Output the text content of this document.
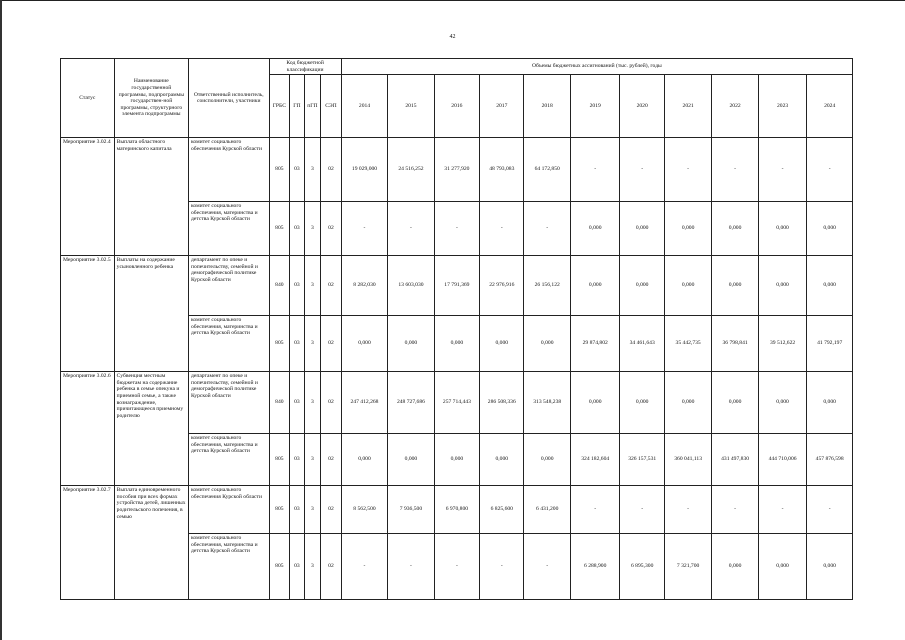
42
Статус	Наименование государственной программы, подпрограммы государствен-ной программы, структурного элемента подпрограммы	Ответственный исполнитель, соисполнители, участники	Код бюджетной классификации				Объемы бюджетных ассигнований (тыс. рублей), годы										
			ГРБС	ГП	пГП	СЭП	2014	2015	2016	2017	2018	2019	2020	2021	2022	2023	2024
Мероприятие 3.02.4	Выплата областного материнского капитала	комитет социального обеспечения Курской области	805	03	3	02	19 029,000	24 516,252	31 277,920	48 793,083	64 172,850	-	-	-	-	-	-
		комитет социального обеспечения, материнства и детства Курской области	805	03	3	02	-	-	-	-	-	0,000	0,000	0,000	0,000	0,000	0,000
Мероприятие 3.02.5	Выплаты на содержание усыновленного ребенка	департамент по опеке и попечительству, семейной и демографической политике Курской области	840	03	3	02	8 282,030	13 603,030	17 791,369	22 976,916	26 156,122	0,000	0,000	0,000	0,000	0,000	0,000
		комитет социального обеспечения, материнства и детства Курской области	805	03	3	02	0,000	0,000	0,000	0,000	0,000	29 874,802	34 461,643	35 442,735	36 798,841	39 512,622	41 792,197
Мероприятие 3.02.6	Субвенция местным бюджетам на содержание ребенка в семье опекуна и приемной семье, а также вознаграждение, причитающееся приемному родителю	департамент по опеке и попечительству, семейной и демографической политике Курской области	840	03	3	02	247 412,268	248 727,686	257 714,443	286 508,336	313 548,238	0,000	0,000	0,000	0,000	0,000	0,000
		комитет социального обеспечения, материнства и детства Курской области	805	03	3	02	0,000	0,000	0,000	0,000	0,000	324 182,604	326 157,531	360 041,113	431 497,830	444 710,006	457 876,598
Мероприятие 3.02.7	Выплата единовременного пособия при всех формах устройства детей, лишенных родительского попечения, в семью	комитет социального обеспечения Курской области	805	03	3	02	8 562,500	7 936,500	6 970,800	6 825,600	6 431,200	-	-	-	-	-	-
		комитет социального обеспечения, материнства и детства Курской области	805	03	3	02	-	-	-	-	-	6 288,900	6 895,300	7 321,700	0,000	0,000	0,000
